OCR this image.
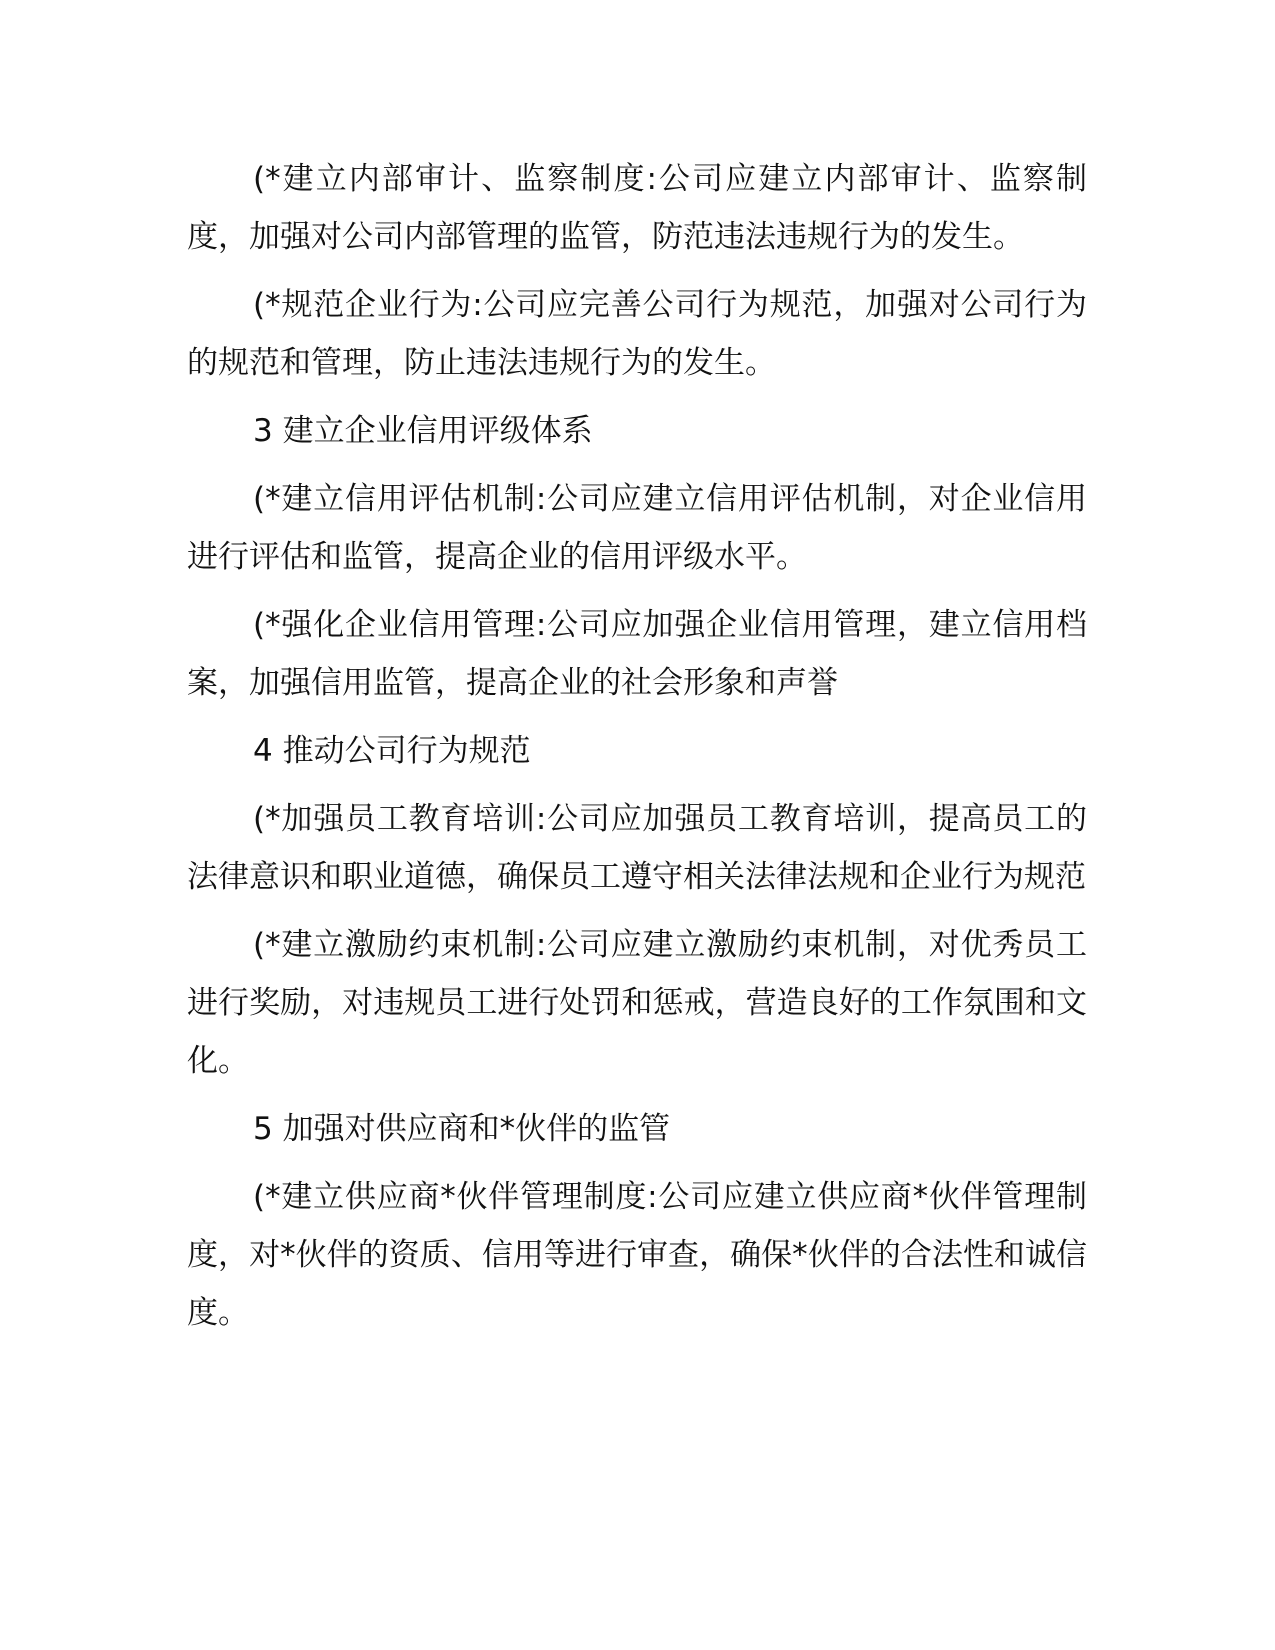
(*建立内部审计、监察制度:公司应建立内部审计、监察制度，加强对公司内部管理的监管，防范违法违规行为的发生。

(*规范企业行为:公司应完善公司行为规范，加强对公司行为的规范和管理，防止违法违规行为的发生。

3 建立企业信用评级体系

(*建立信用评估机制:公司应建立信用评估机制，对企业信用进行评估和监管，提高企业的信用评级水平。

(*强化企业信用管理:公司应加强企业信用管理，建立信用档案，加强信用监管，提高企业的社会形象和声誉

4 推动公司行为规范

(*加强员工教育培训:公司应加强员工教育培训，提高员工的法律意识和职业道德，确保员工遵守相关法律法规和企业行为规范

(*建立激励约束机制:公司应建立激励约束机制，对优秀员工进行奖励，对违规员工进行处罚和惩戒，营造良好的工作氛围和文化。

5 加强对供应商和*伙伴的监管

(*建立供应商*伙伴管理制度:公司应建立供应商*伙伴管理制度，对*伙伴的资质、信用等进行审查，确保*伙伴的合法性和诚信度。
